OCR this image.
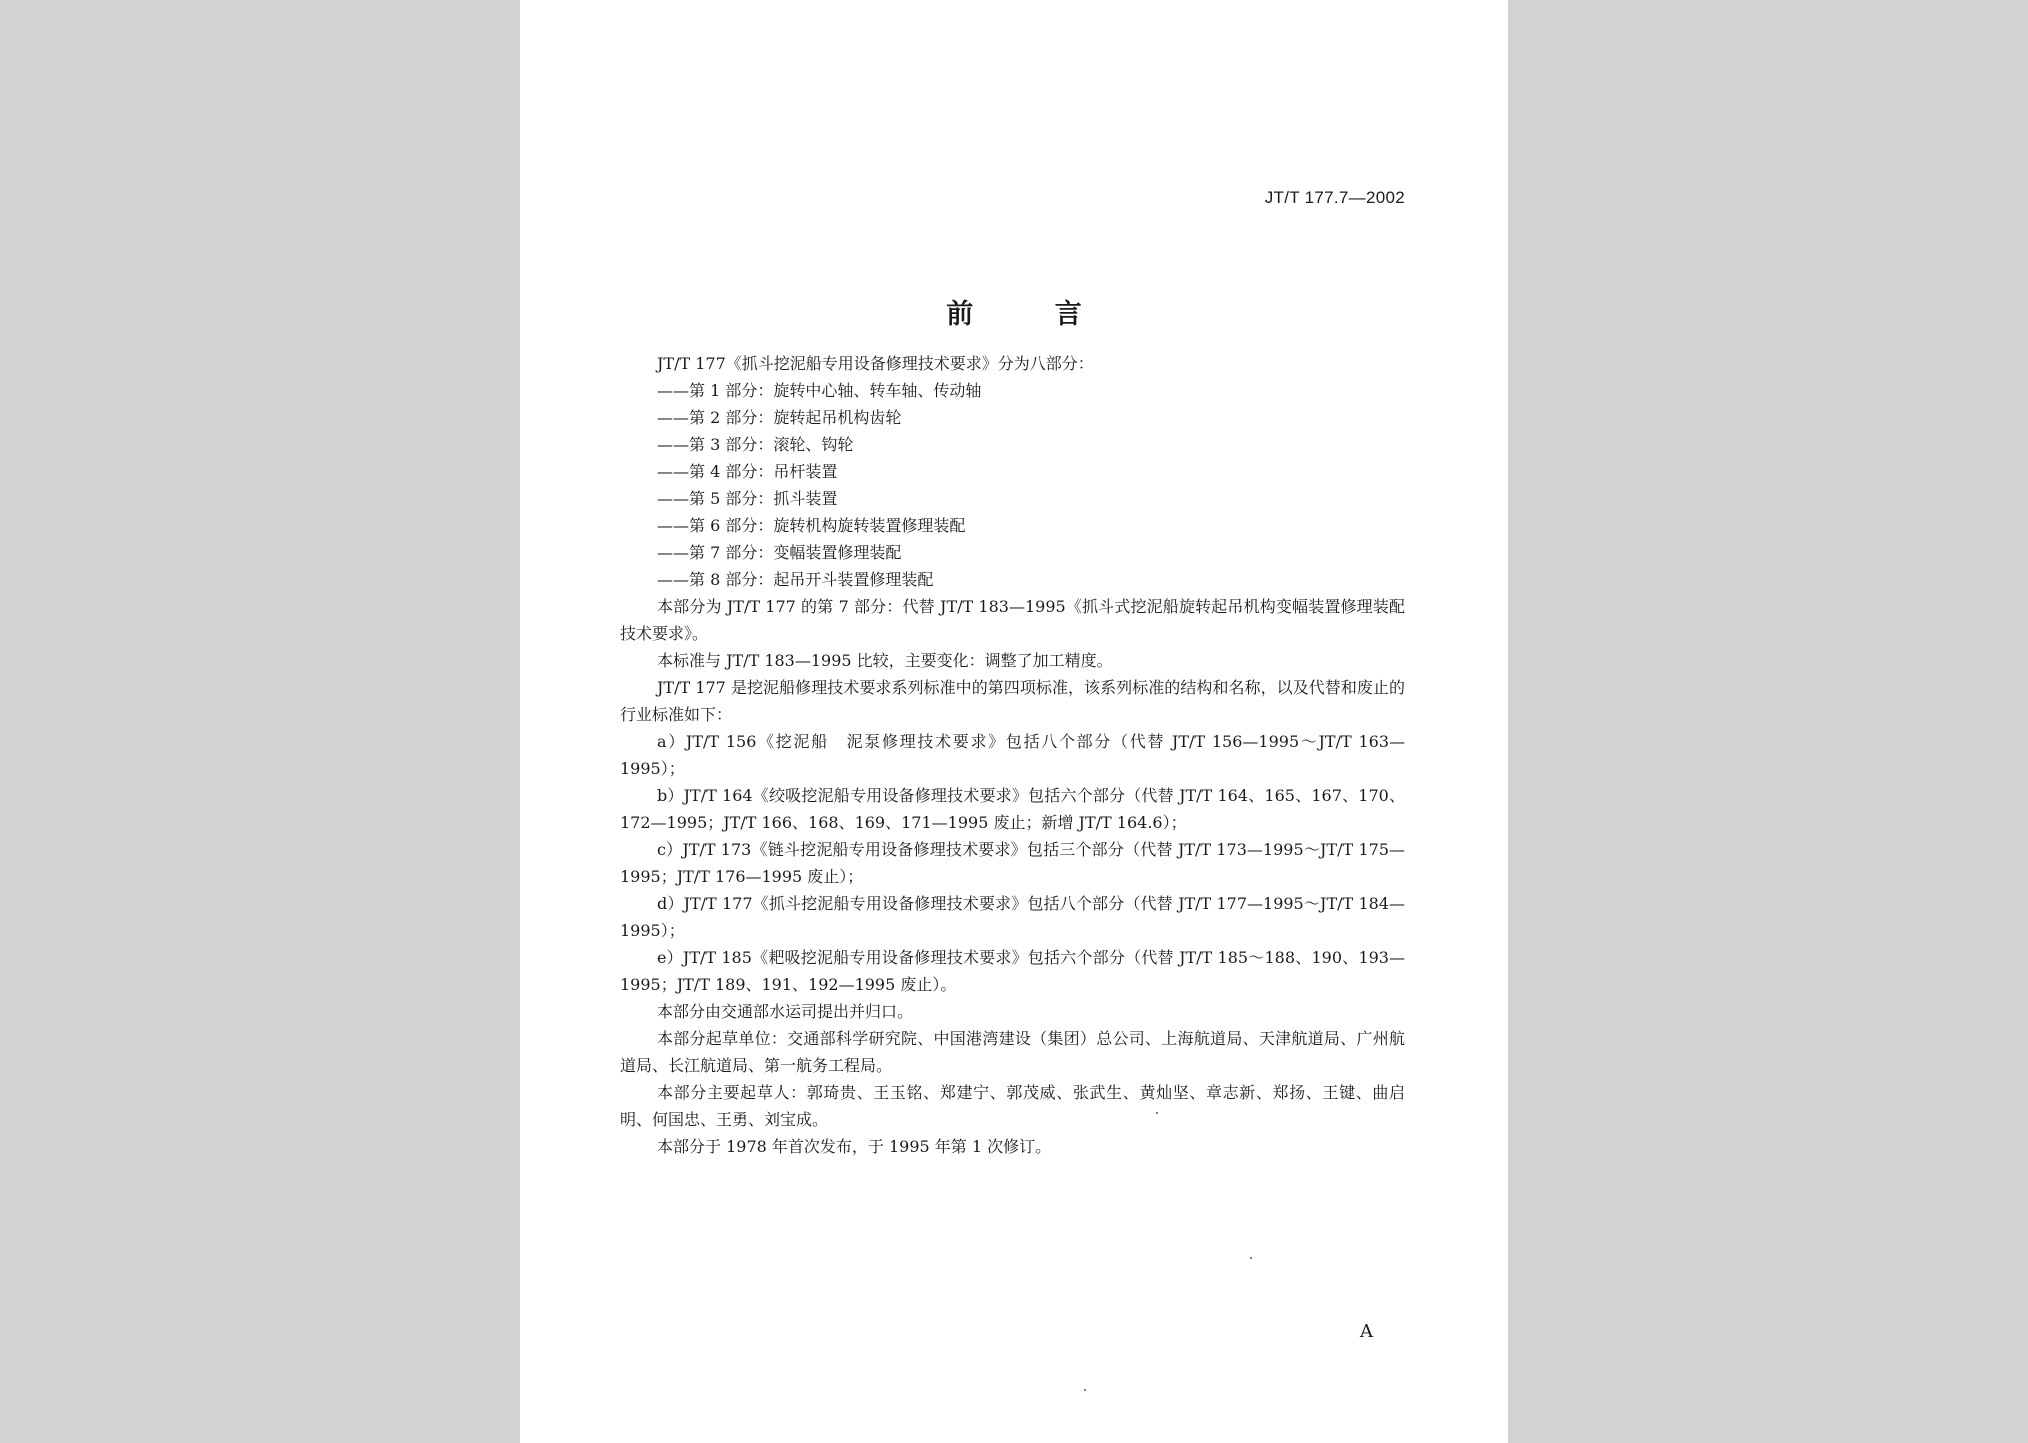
JT/T 177.7—2002
前 言

JT/T 177《抓斗挖泥船专用设备修理技术要求》分为八部分：

——第 1 部分：旋转中心轴、转车轴、传动轴

——第 2 部分：旋转起吊机构齿轮

——第 3 部分：滚轮、钩轮

——第 4 部分：吊杆装置

——第 5 部分：抓斗装置

——第 6 部分：旋转机构旋转装置修理装配

——第 7 部分：变幅装置修理装配

——第 8 部分：起吊开斗装置修理装配

本部分为 JT/T 177 的第 7 部分：代替 JT/T 183—1995《抓斗式挖泥船旋转起吊机构变幅装置修理装配技术要求》。

本标准与 JT/T 183—1995 比较，主要变化：调整了加工精度。

JT/T 177 是挖泥船修理技术要求系列标准中的第四项标准，该系列标准的结构和名称，以及代替和废止的行业标准如下：

a）JT/T 156《挖泥船　泥泵修理技术要求》包括八个部分（代替 JT/T 156—1995～JT/T 163—1995）；

b）JT/T 164《绞吸挖泥船专用设备修理技术要求》包括六个部分（代替 JT/T 164、165、167、170、172—1995；JT/T 166、168、169、171—1995 废止；新增 JT/T 164.6）；

c）JT/T 173《链斗挖泥船专用设备修理技术要求》包括三个部分（代替 JT/T 173—1995～JT/T 175—1995；JT/T 176—1995 废止）；

d）JT/T 177《抓斗挖泥船专用设备修理技术要求》包括八个部分（代替 JT/T 177—1995～JT/T 184—1995）；

e）JT/T 185《耙吸挖泥船专用设备修理技术要求》包括六个部分（代替 JT/T 185～188、190、193—1995；JT/T 189、191、192—1995 废止）。

本部分由交通部水运司提出并归口。

本部分起草单位：交通部科学研究院、中国港湾建设（集团）总公司、上海航道局、天津航道局、广州航道局、长江航道局、第一航务工程局。

本部分主要起草人：郭琦贵、王玉铭、郑建宁、郭茂威、张武生、黄灿坚、章志新、郑扬、王键、曲启明、何国忠、王勇、刘宝成。

本部分于 1978 年首次发布，于 1995 年第 1 次修订。

A
